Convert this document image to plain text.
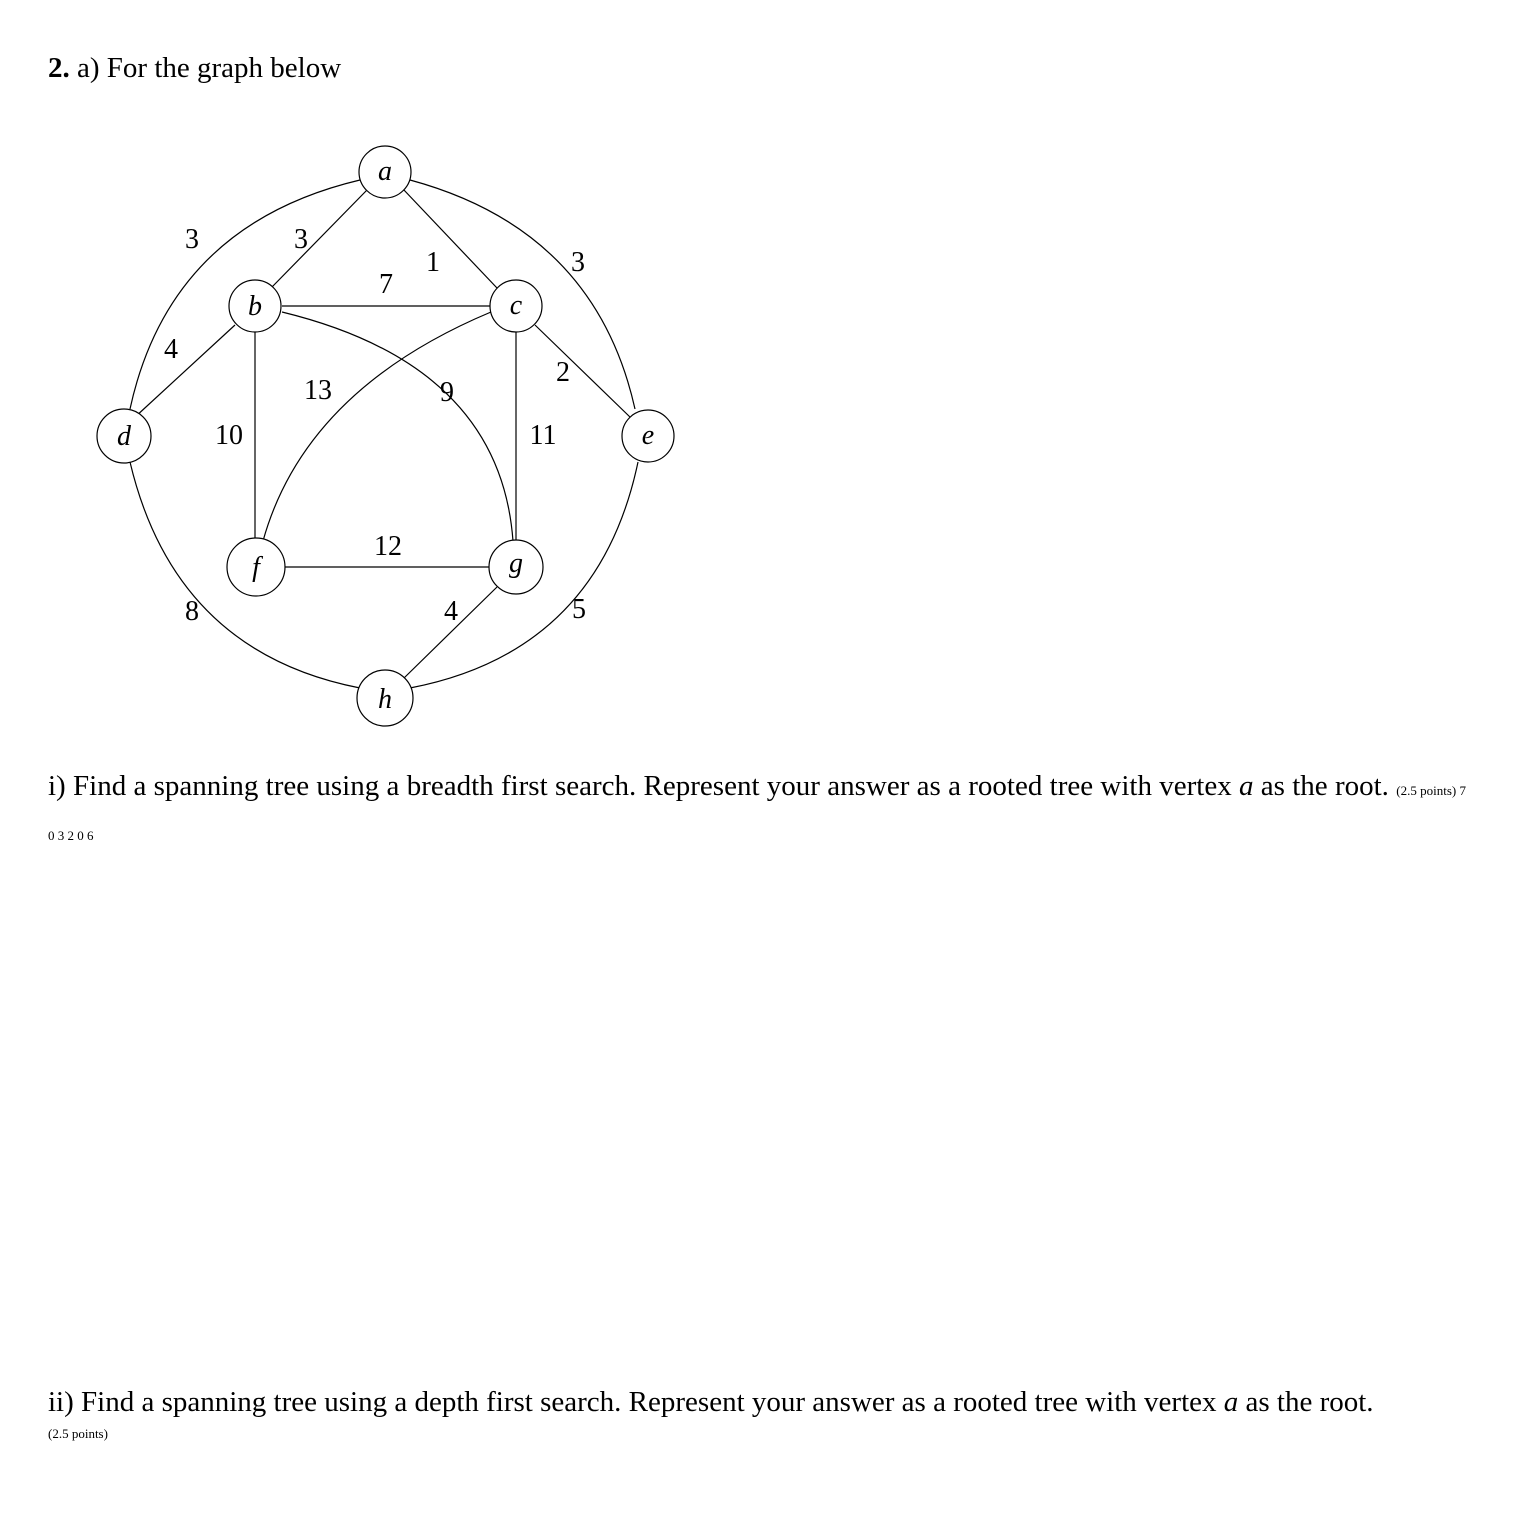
2. a) For the graph below
3	3
1	3
7
4
2
13	9
10	11
12
8	4	5
a
b	c
d	e
f	g
h
i) Find a spanning tree using a breadth first search. Represent your answer as a rooted tree with vertex a as the root. (2.5 points) 7 0 3 2 0 6
ii) Find a spanning tree using a depth first search. Represent your answer as a rooted tree with vertex a as the root.
(2.5 points)
